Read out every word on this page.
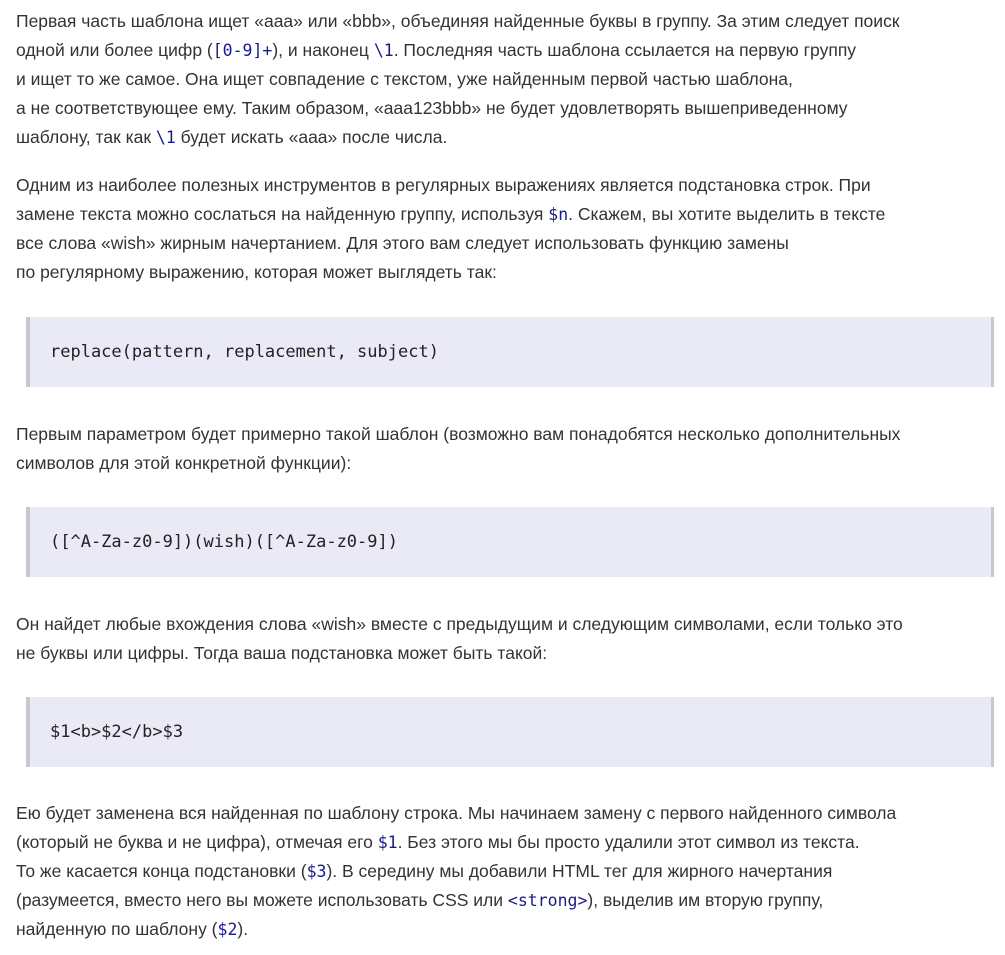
Первая часть шаблона ищет «aaa» или «bbb», объединяя найденные буквы в группу. За этим следует поиск
одной или более цифр ([0-9]+), и наконец \1. Последняя часть шаблона ссылается на первую группу
и ищет то же самое. Она ищет совпадение с текстом, уже найденным первой частью шаблона,
а не соответствующее ему. Таким образом, «aaa123bbb» не будет удовлетворять вышеприведенному
шаблону, так как \1 будет искать «aaa» после числа.

Одним из наиболее полезных инструментов в регулярных выражениях является подстановка строк. При
замене текста можно сослаться на найденную группу, используя $n. Скажем, вы хотите выделить в тексте
все слова «wish» жирным начертанием. Для этого вам следует использовать функцию замены
по регулярному выражению, которая может выглядеть так:

replace(pattern, replacement, subject)

Первым параметром будет примерно такой шаблон (возможно вам понадобятся несколько дополнительных
символов для этой конкретной функции):

([^A-Za-z0-9])(wish)([^A-Za-z0-9])

Он найдет любые вхождения слова «wish» вместе с предыдущим и следующим символами, если только это
не буквы или цифры. Тогда ваша подстановка может быть такой:

$1<b>$2</b>$3

Ею будет заменена вся найденная по шаблону строка. Мы начинаем замену с первого найденного символа
(который не буква и не цифра), отмечая его $1. Без этого мы бы просто удалили этот символ из текста.
То же касается конца подстановки ($3). В середину мы добавили HTML тег для жирного начертания
(разумеется, вместо него вы можете использовать CSS или <strong>), выделив им вторую группу,
найденную по шаблону ($2).
